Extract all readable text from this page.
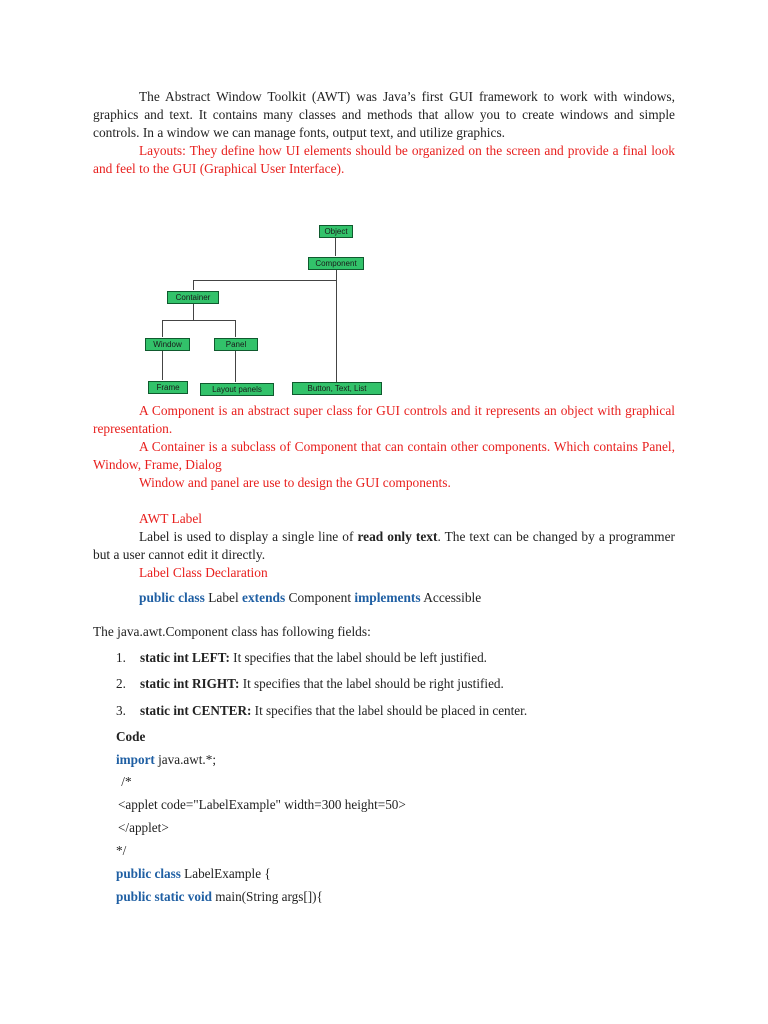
The Abstract Window Toolkit (AWT) was Java’s first GUI framework to work with windows, graphics and text. It contains many classes and methods that allow you to create windows and simple controls. In a window we can manage fonts, output text, and utilize graphics.

Layouts: They define how UI elements should be organized on the screen and provide a final look and feel to the GUI (Graphical User Interface).

Object
Component
Container
Window	Panel
Frame	Layout panels	Button, Text, List

A Component is an abstract super class for GUI controls and it represents an object with graphical representation.

A Container is a subclass of Component that can contain other components. Which contains Panel, Window, Frame, Dialog

Window and panel are use to design the GUI components.

AWT Label

Label is used to display a single line of read only text. The text can be changed by a programmer but a user cannot edit it directly.

Label Class Declaration

public class Label extends Component implements Accessible
The java.awt.Component class has following fields:
1. static int LEFT: It specifies that the label should be left justified.
2. static int RIGHT: It specifies that the label should be right justified.
3. static int CENTER: It specifies that the label should be placed in center.
Code
import java.awt.*;
/*
<applet code="LabelExample" width=300 height=50>
</applet>
*/
public class LabelExample {
public static void main(String args[]){
